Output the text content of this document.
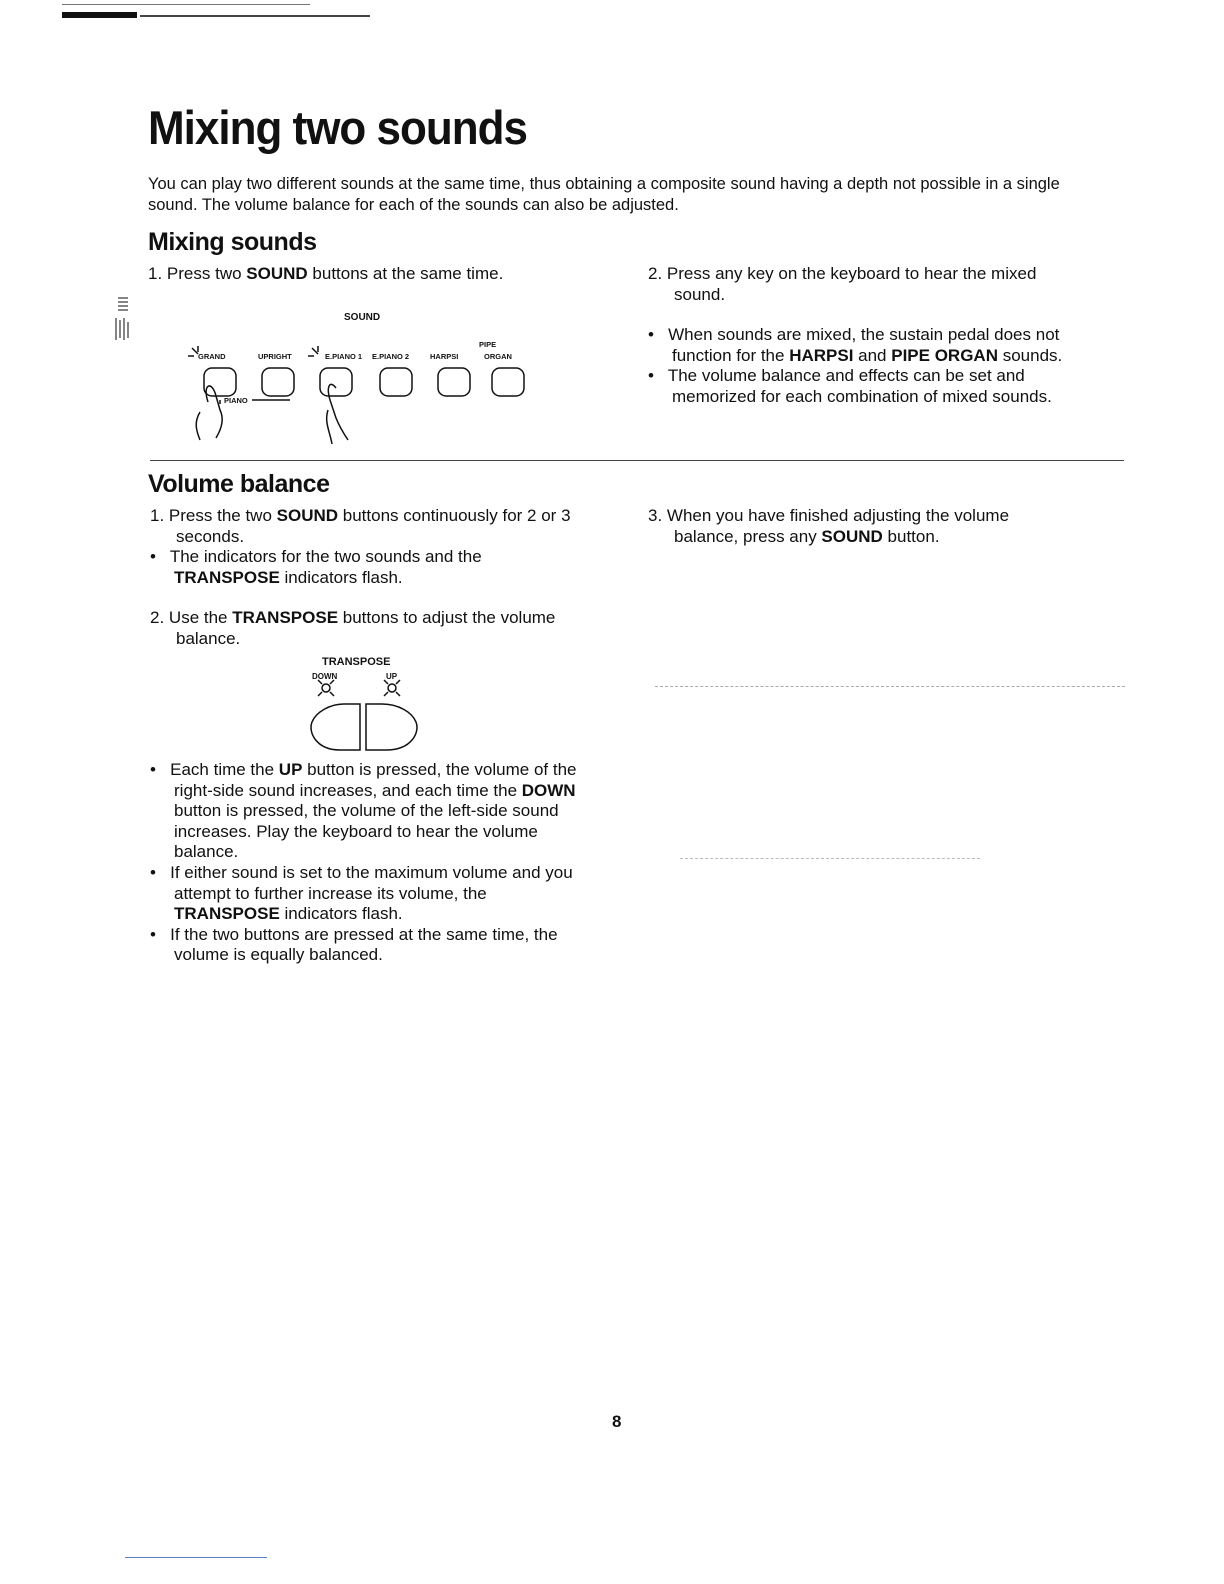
Mixing two sounds

You can play two different sounds at the same time, thus obtaining a composite sound having a depth not possible in a single sound. The volume balance for each of the sounds can also be adjusted.

Mixing sounds

1. Press two SOUND buttons at the same time.

SOUND
PIPE
GRAND	UPRIGHT	E.PIANO 1 E.PIANO 2	HARPSI	ORGAN
PIANO

2. Press any key on the keyboard to hear the mixed sound.

•   When sounds are mixed, the sustain pedal does not function for the HARPSI and PIPE ORGAN sounds.

•   The volume balance and effects can be set and memorized for each combination of mixed sounds.

Volume balance

1. Press the two SOUND buttons continuously for 2 or 3 seconds.

•   The indicators for the two sounds and the TRANSPOSE indicators flash.

2. Use the TRANSPOSE buttons to adjust the volume balance.

TRANSPOSE
DOWN	UP

•   Each time the UP button is pressed, the volume of the right-side sound increases, and each time the DOWN button is pressed, the volume of the left-side sound increases. Play the keyboard to hear the volume balance.

•   If either sound is set to the maximum volume and you attempt to further increase its volume, the TRANSPOSE indicators flash.

•   If the two buttons are pressed at the same time, the volume is equally balanced.

3. When you have finished adjusting the volume balance, press any SOUND button.

8
